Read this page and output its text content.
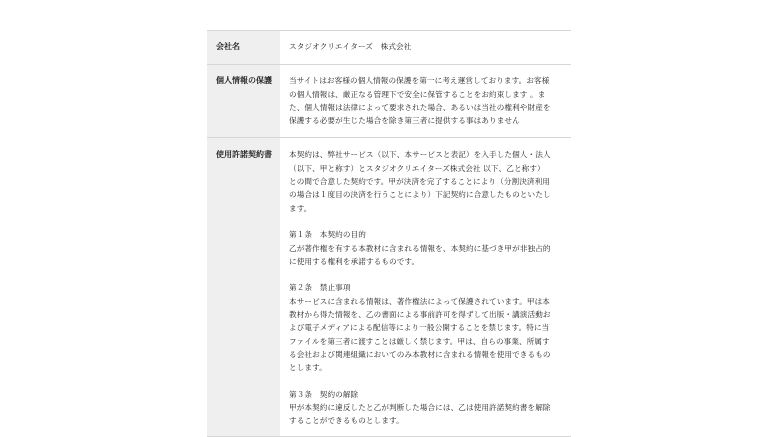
会社名	スタジオクリエイターズ　株式会社
個人情報の保護	当サイトはお客様の個人情報の保護を第一に考え運営しております。お客様
の個人情報は、厳正なる管理下で安全に保管することをお約束します 。ま
た、個人情報は法律によって要求された場合、あるいは当社の権利や財産を
保護する必要が生じた場合を除き第三者に提供する事はありません
使用許諾契約書	本契約は、弊社サービス（以下、本サービスと表記）を入手した個人・法人
（以下、甲と称す）とスタジオクリエイターズ株式会社 以下、乙と称す）
との間で合意した契約です。甲が決済を完了することにより（分割決済利用
の場合は１度目の決済を行うことにより）下記契約に合意したものといたし
ます。
第１条　本契約の目的
乙が著作権を有する本教材に含まれる情報を、本契約に基づき甲が非独占的
に使用する権利を承諾するものです。
第２条　禁止事項
本サービスに含まれる情報は、著作権法によって保護されています。甲は本
教材から得た情報を、乙の書面による事前許可を得ずして出版・講演活動お
よび電子メディアによる配信等により一般公開することを禁じます。特に当
ファイルを第三者に渡すことは厳しく禁じます。甲は、自らの事業、所属す
る会社および関連組織においてのみ本教材に含まれる情報を使用できるもの
とします。
第３条　契約の解除
甲が本契約に違反したと乙が判断した場合には、乙は使用許諾契約書を解除
することができるものとします。
